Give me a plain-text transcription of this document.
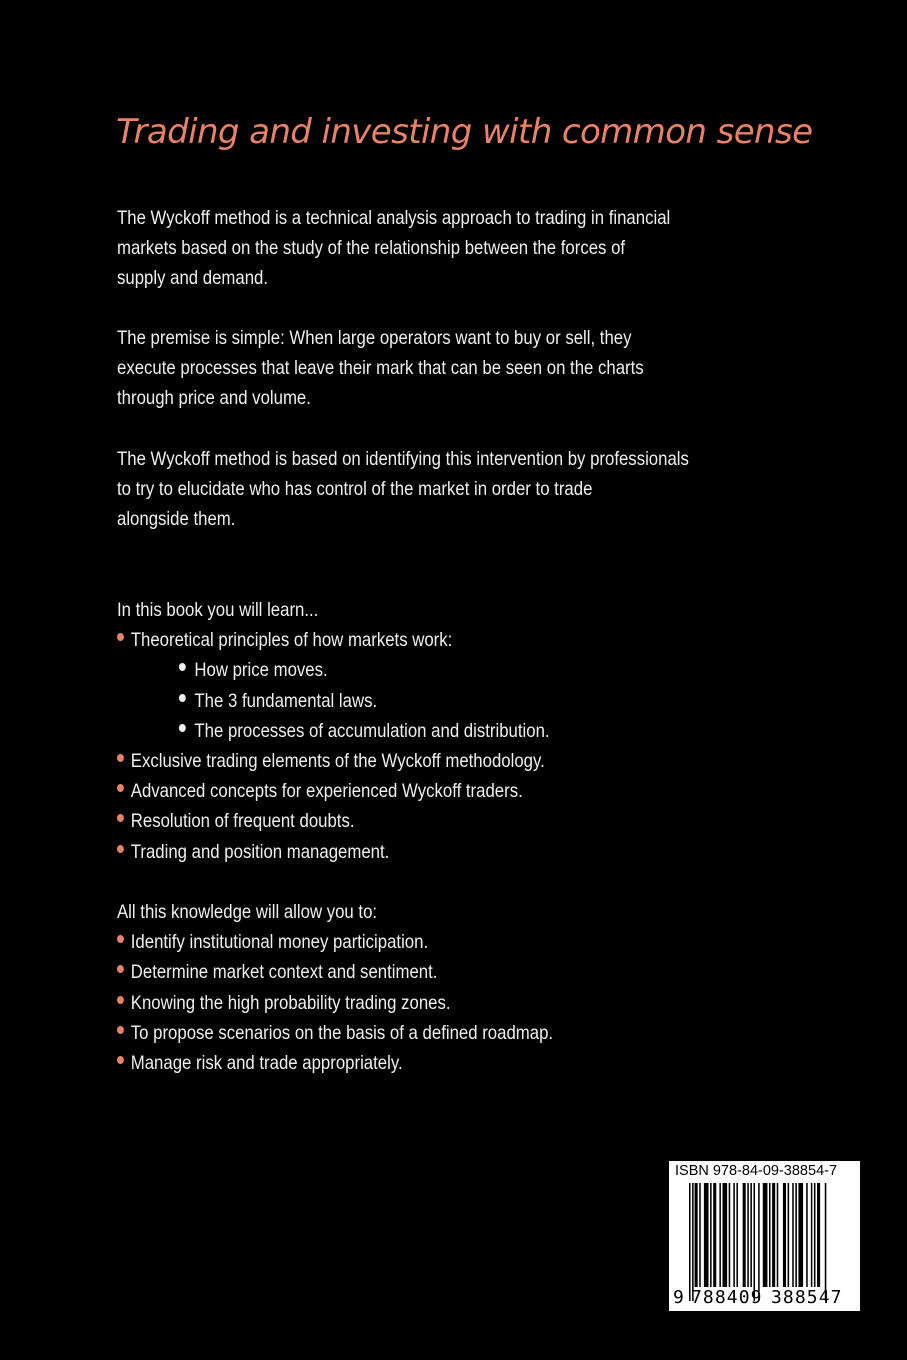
Trading and investing with common sense

The Wyckoff method is a technical analysis approach to trading in financial
markets based on the study of the relationship between the forces of
supply and demand.

The premise is simple: When large operators want to buy or sell, they
execute processes that leave their mark that can be seen on the charts
through price and volume.

The Wyckoff method is based on identifying this intervention by professionals
to try to elucidate who has control of the market in order to trade
alongside them.

In this book you will learn...
Theoretical principles of how markets work:
How price moves.
The 3 fundamental laws.
The processes of accumulation and distribution.
Exclusive trading elements of the Wyckoff methodology.
Advanced concepts for experienced Wyckoff traders.
Resolution of frequent doubts.
Trading and position management.
All this knowledge will allow you to:
Identify institutional money participation.
Determine market context and sentiment.
Knowing the high probability trading zones.
To propose scenarios on the basis of a defined roadmap.
Manage risk and trade appropriately.
ISBN 978-84-09-38854-7
9 788409 388547
